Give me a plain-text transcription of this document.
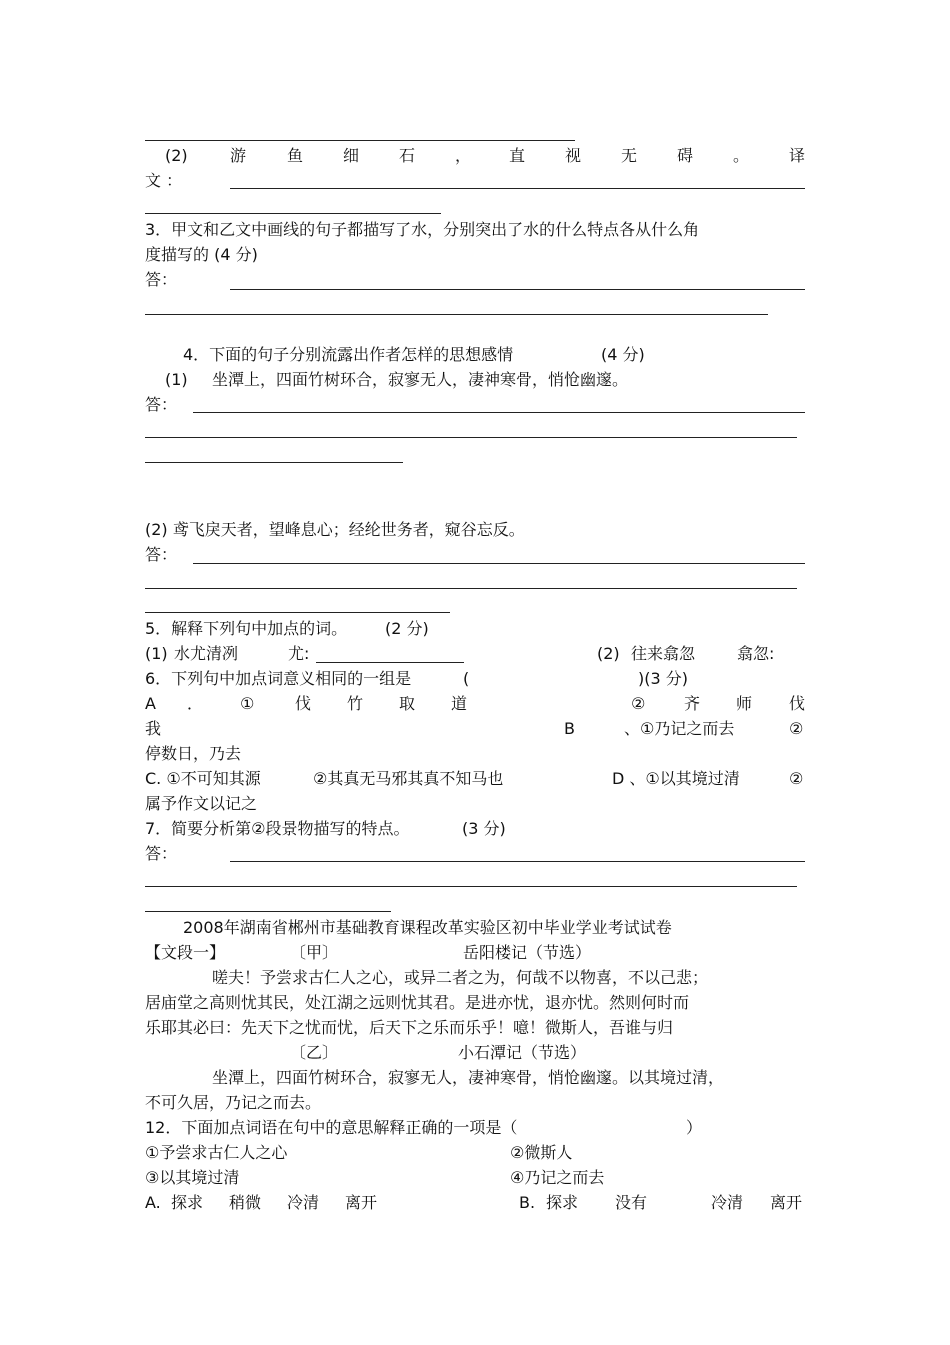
(2)	游	鱼 细 石 ， 直 视 无 碍 。 译
文 ：
3．甲文和乙文中画线的句子都描写了水，分别突出了水的什么特点各从什么角
度描写的 (4 分)
答：
4．下面的句子分别流露出作者怎样的思想感情	(4 分)
(1) 坐潭上，四面竹树环合，寂寥无人，凄神寒骨，悄怆幽邃。
答：
(2) 鸢飞戾天者，望峰息心；经纶世务者，窥谷忘反。
答：
5．解释下列句中加点的词。 (2 分)
(1) 水尤清冽	尤:	(2) 往来翕忽	翕忽:
6．下列句中加点词意义相同的一组是	(	)(3 分)
A ． ①	伐 竹 取 道	② 齐 师 伐
我	B	、①乃记之而去	②
停数日，乃去
C. ①不可知其源	②其真无马邪其真不知马也	D 、①以其境过清	②
属予作文以记之
7．简要分析第②段景物描写的特点。	(3 分)
答：
2008年湖南省郴州市基础教育课程改革实验区初中毕业学业考试试卷
【文段一】	〔甲〕	岳阳楼记（节选）
嗟夫！予尝求古仁人之心，或异二者之为，何哉不以物喜，不以己悲；
居庙堂之高则忧其民，处江湖之远则忧其君。是进亦忧，退亦忧。然则何时而
乐耶其必曰：先天下之忧而忧，后天下之乐而乐乎！噫！微斯人，吾谁与归
〔乙〕	小石潭记（节选）
坐潭上，四面竹树环合，寂寥无人，凄神寒骨，悄怆幽邃。以其境过清，
不可久居，乃记之而去。
12．下面加点词语在句中的意思解释正确的一项是（	）
①予尝求古仁人之心	②微斯人
③以其境过清	④乃记之而去
A. 探求 稍微 冷清 离开	B. 探求 没有	冷清 离开
